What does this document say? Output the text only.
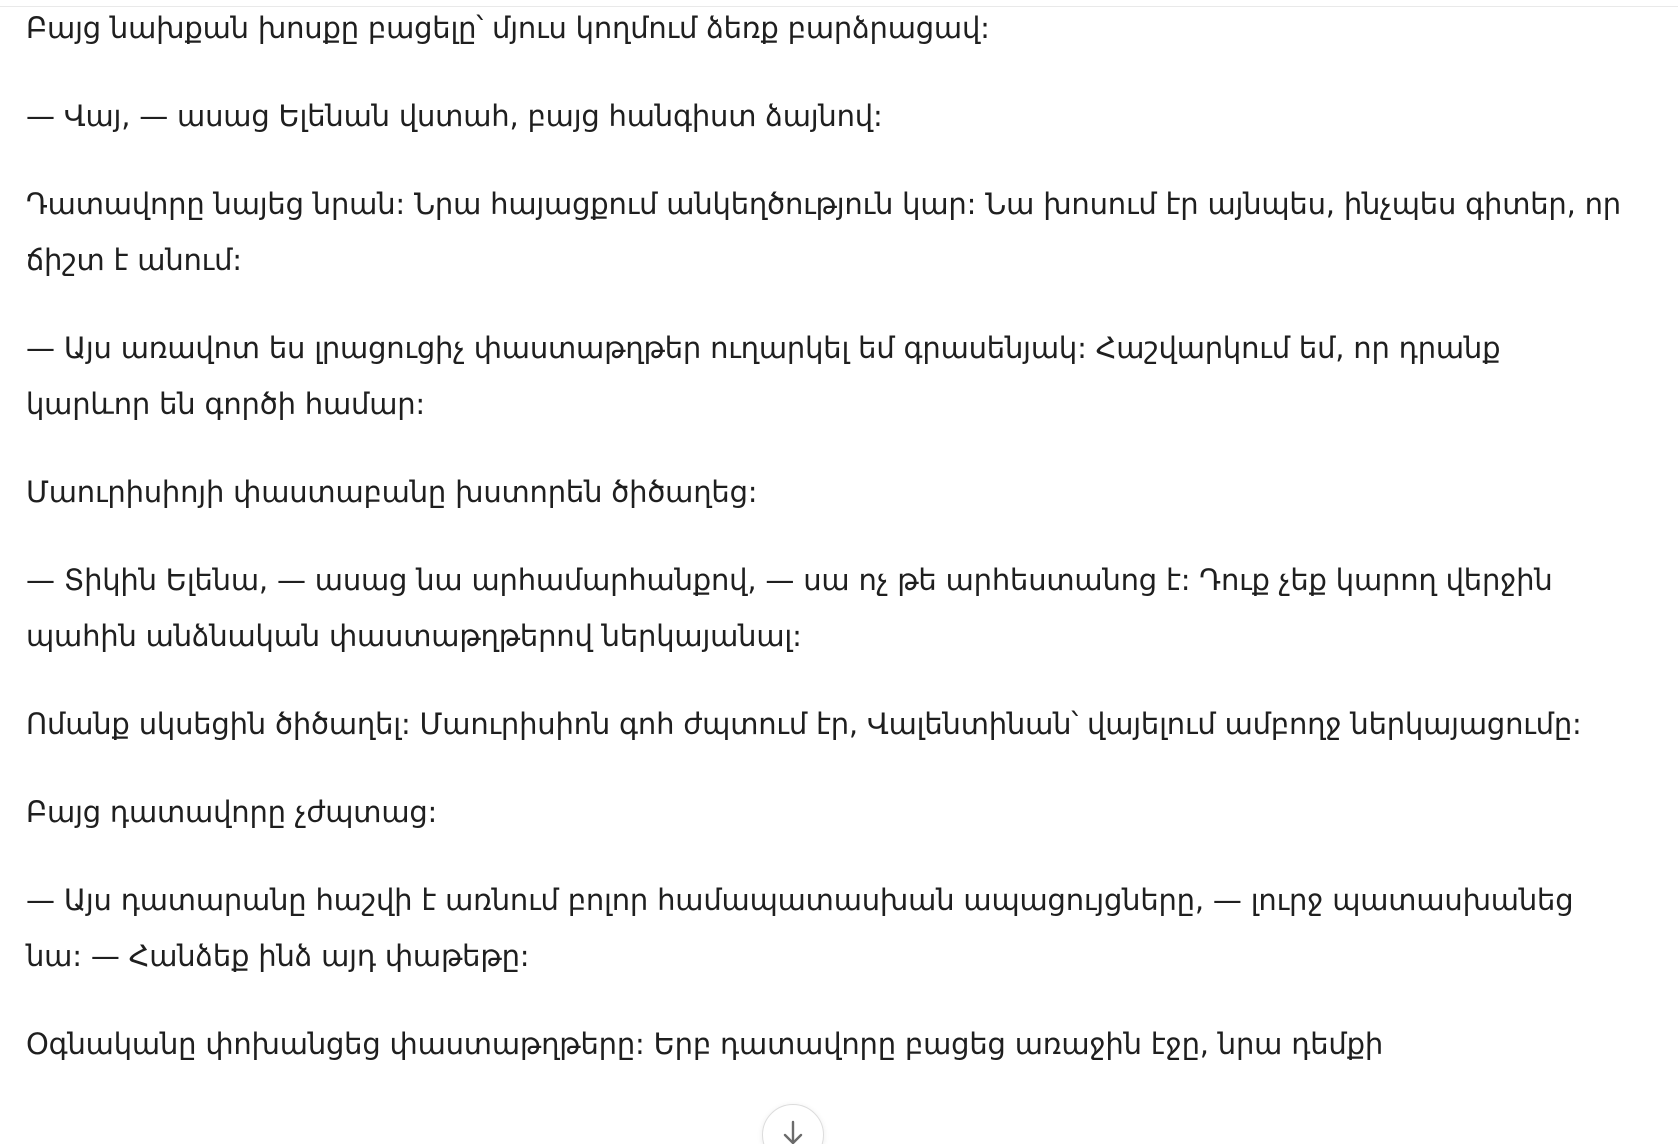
Բայց նախքան խոսքը բացելը՝ մյուս կողմում ձեռք բարձրացավ:

— Վայ, — ասաց Ելենան վստահ, բայց հանգիստ ձայնով:

Դատավորը նայեց նրան: Նրա հայացքում անկեղծություն կար: Նա խոսում էր այնպես, ինչպես գիտեր, որ ճիշտ է անում:

— Այս առավոտ ես լրացուցիչ փաստաթղթեր ուղարկել եմ գրասենյակ: Հաշվարկում եմ, որ դրանք կարևոր են գործի համար:

Մաուրիսիոյի փաստաբանը խստորեն ծիծաղեց:

— Տիկին Ելենա, — ասաց նա արհամարհանքով, — սա ոչ թե արհեստանոց է: Դուք չեք կարող վերջին պահին անձնական փաստաթղթերով ներկայանալ:

Ոմանք սկսեցին ծիծաղել: Մաուրիսիոն գոհ ժպտում էր, Վալենտինան՝ վայելում ամբողջ ներկայացումը:

Բայց դատավորը չժպտաց:

— Այս դատարանը հաշվի է առնում բոլոր համապատասխան ապացույցները, — լուրջ պատասխանեց նա: — Հանձեք ինձ այդ փաթեթը:

Օգնականը փոխանցեց փաստաթղթերը: Երբ դատավորը բացեց առաջին էջը, նրա դեմքի
